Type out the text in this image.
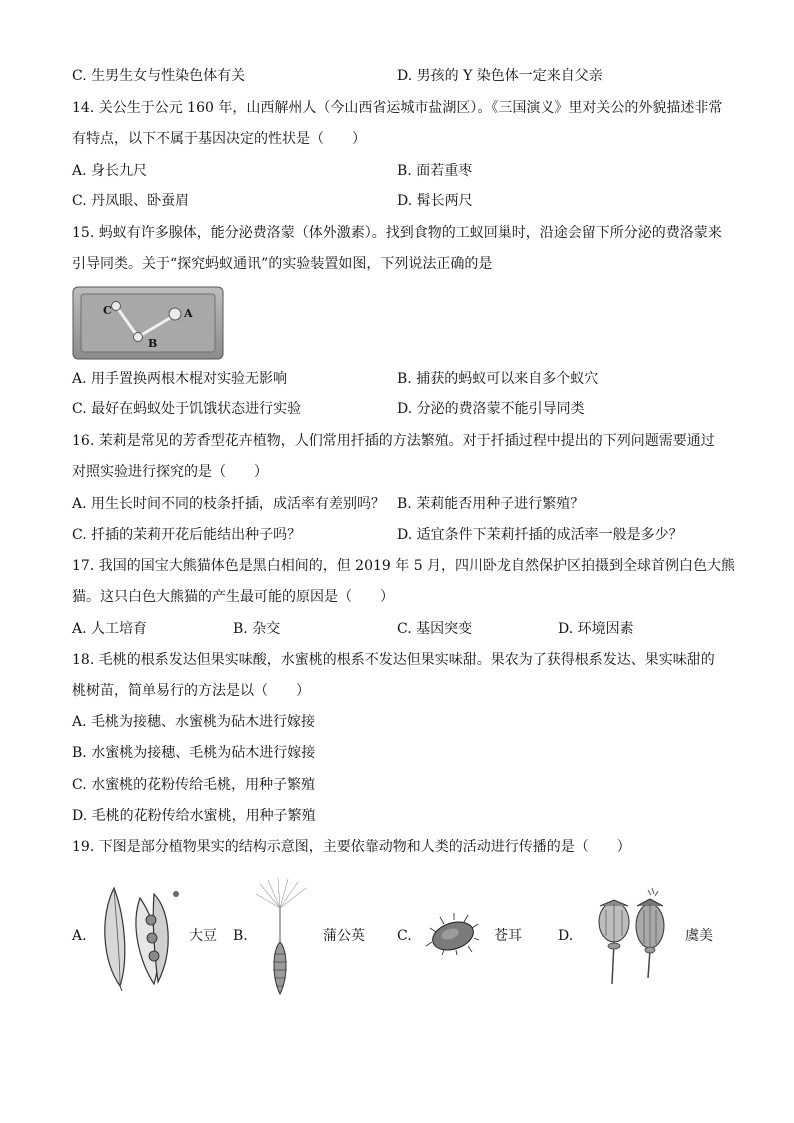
C. 生男生女与性染色体有关	D. 男孩的 Y 染色体一定来自父亲
14. 关公生于公元 160 年，山西解州人（今山西省运城市盐湖区）。《三国演义》里对关公的外貌描述非常
有特点，以下不属于基因决定的性状是（　　）
A. 身长九尺	B. 面若重枣
C. 丹凤眼、卧蚕眉	D. 髯长两尺
15. 蚂蚁有许多腺体，能分泌费洛蒙（体外激素）。找到食物的工蚁回巢时，沿途会留下所分泌的费洛蒙来
引导同类。关于“探究蚂蚁通讯”的实验装置如图，下列说法正确的是
C	A
B
A. 用手置换两根木棍对实验无影响	B. 捕获的蚂蚁可以来自多个蚁穴
C. 最好在蚂蚁处于饥饿状态进行实验	D. 分泌的费洛蒙不能引导同类
16. 茉莉是常见的芳香型花卉植物，人们常用扦插的方法繁殖。对于扦插过程中提出的下列问题需要通过
对照实验进行探究的是（　　）
A. 用生长时间不同的枝条扦插，成活率有差别吗？ B. 茉莉能否用种子进行繁殖？
C. 扦插的茉莉开花后能结出种子吗？	D. 适宜条件下茉莉扦插的成活率一般是多少？
17. 我国的国宝大熊猫体色是黑白相间的，但 2019 年 5 月，四川卧龙自然保护区拍摄到全球首例白色大熊
猫。这只白色大熊猫的产生最可能的原因是（　　）
A. 人工培育	B. 杂交	C. 基因突变	D. 环境因素
18. 毛桃的根系发达但果实味酸，水蜜桃的根系不发达但果实味甜。果农为了获得根系发达、果实味甜的
桃树苗，简单易行的方法是以（　　）
A. 毛桃为接穗、水蜜桃为砧木进行嫁接
B. 水蜜桃为接穗、毛桃为砧木进行嫁接
C. 水蜜桃的花粉传给毛桃，用种子繁殖
D. 毛桃的花粉传给水蜜桃，用种子繁殖
19. 下图是部分植物果实的结构示意图，主要依靠动物和人类的活动进行传播的是（　　）
A.	大豆 B.	蒲公英 C.	苍耳	D.	虞美
